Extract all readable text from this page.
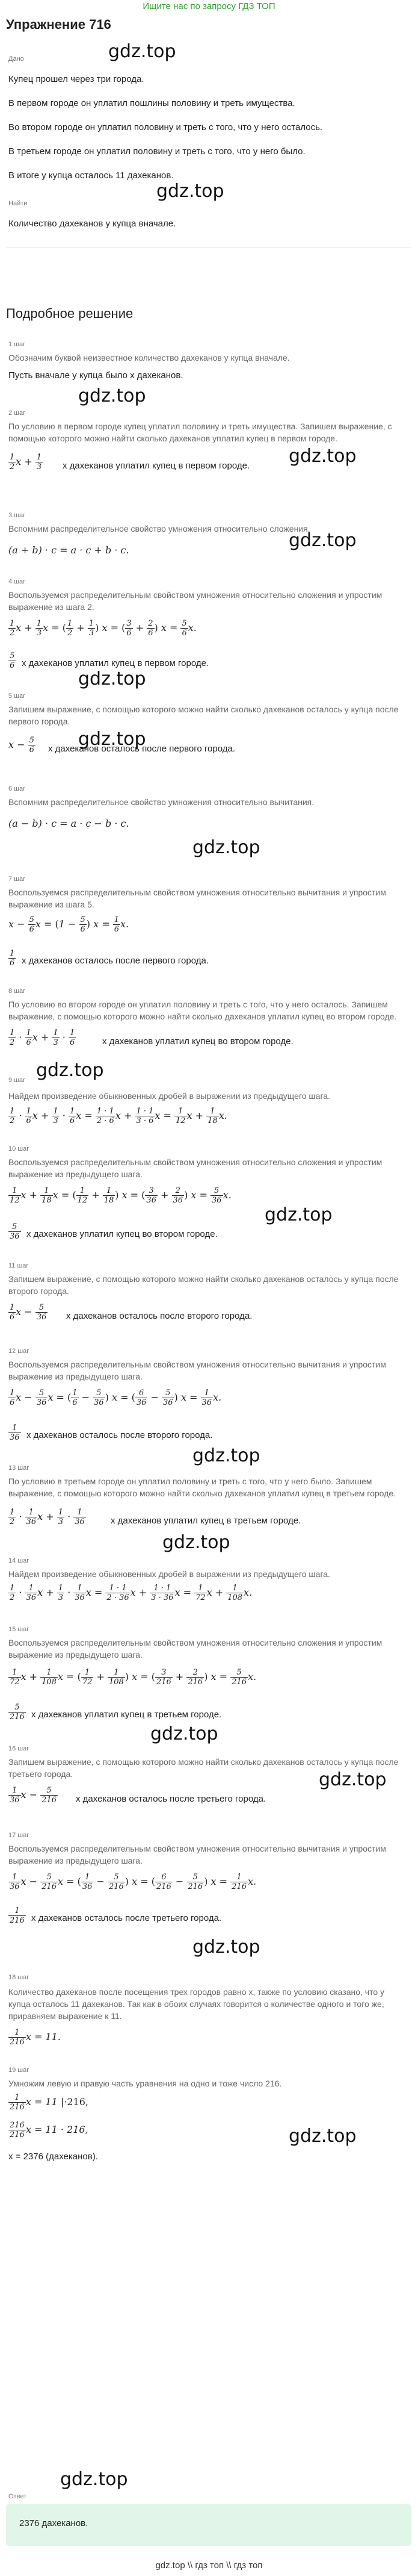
Ищите нас по запросу ГДЗ ТОП
Упражнение 716
Дано
Купец прошел через три города.
В первом городе он уплатил пошлины половину и треть имущества.
Во втором городе он уплатил половину и треть с того, что у него осталось.
В третьем городе он уплатил половину и треть с того, что у него было.
В итоге у купца осталось 11 дахеканов.
Найти
Количество дахеканов у купца вначале.
Подробное решение
1 шаг
Обозначим буквой неизвестное количество дахеканов у купца вначале.
Пусть вначале у купца было x дахеканов.
2 шаг
По условию в первом городе купец уплатил половину и треть имущества. Запишем выражение, с помощью которого можно найти сколько дахеканов уплатил купец в первом городе.
$\frac{1}{2}$ $x + \frac{1}{3}$ x дахеканов уплатил купец в первом городе.
3 шаг
Вспомним распределительное свойство умножения относительно сложения.
(a + b) · c = a · c + b · c.
4 шаг
Воспользуемся распределительным свойством умножения относительно сложения и упростим выражение из шага 2.
$\frac{1}{2}$ $x + \frac{1}{3}$ x = ( $\frac{1}{2} + \frac{1}{3}$ ) x = ( $\frac{3}{6} + \frac{2}{6}$ ) $x = \frac{5}{6} x$.
$\frac{5}{6}$ x дахеканов уплатил купец в первом городе.
5 шаг
Запишем выражение, с помощью которого можно найти сколько дахеканов осталось у купца после первого города.
$x - \frac{5}{6}$ x дахеканов осталось после первого города.
6 шаг
Вспомним распределительное свойство умножения относительно вычитания.
(a − b) · c = a · c − b · c.
7 шаг
Воспользуемся распределительным свойством умножения относительно вычитания и упростим выражение из шага 5.
$x - \frac{5}{6}$ $x = (1 - \frac{5}{6}$ ) $x = \frac{1}{6} x$.
$\frac{1}{6}$ x дахеканов осталось после первого города.
8 шаг
По условию во втором городе он уплатил половину и треть с того, что у него осталось. Запишем выражение, с помощью которого можно найти сколько дахеканов уплатил купец во втором городе.
$\frac{1}{2} \cdot \frac{1}{6}$ $x + \frac{1}{3} \cdot \frac{1}{6}$	x дахеканов уплатил купец во втором городе.
9 шаг
Найдем произведение обыкновенных дробей в выражении из предыдущего шага.
$\frac{1}{2} \cdot \frac{1}{6}$ $x + \frac{1}{3} \cdot \frac{1}{6}$ $x = \frac{1 \cdot 1}{2 \cdot 6}$ $x + \frac{1 \cdot 1}{3 \cdot 6}$ $x = \frac{1}{12}$ $x + \frac{1}{18} x$.
10 шаг
Воспользуемся распределительным свойством умножения относительно сложения и упростим выражение из предыдущего шага.
$\frac{1}{12}$ $x + \frac{1}{18}$ x = ( $\frac{1}{12} + \frac{1}{18}$ ) x = ( $\frac{3}{36} + \frac{2}{36}$ ) $x = \frac{5}{36} x$.
$\frac{5}{36}$ x дахеканов уплатил купец во втором городе.
11 шаг
Запишем выражение, с помощью которого можно найти сколько дахеканов осталось у купца после второго города.
$\frac{1}{6}$ $x - \frac{5}{36}$ x дахеканов осталось после второго города.
12 шаг
Воспользуемся распределительным свойством умножения относительно вычитания и упростим выражение из предыдущего шага.
$\frac{1}{6}$ $x - \frac{5}{36}$ x = ( $\frac{1}{6} - \frac{5}{36}$ ) x = ( $\frac{6}{36} - \frac{5}{36}$ ) $x = \frac{1}{36} x$.
$\frac{1}{36}$ x дахеканов осталось после второго города.
13 шаг
По условию в третьем городе он уплатил половину и треть с того, что у него было. Запишем выражение, с помощью которого можно найти сколько дахеканов уплатил купец в третьем городе.
$\frac{1}{2} \cdot \frac{1}{36}$ $x + \frac{1}{3} \cdot \frac{1}{36}$	x дахеканов уплатил купец в третьем городе.
14 шаг
Найдем произведение обыкновенных дробей в выражении из предыдущего шага.
$\frac{1}{2} \cdot \frac{1}{36}$ $x + \frac{1}{3} \cdot \frac{1}{36}$ $x = \frac{1 \cdot 1}{2 \cdot 36}$ $x + \frac{1 \cdot 1}{3 \cdot 36}$ $x = \frac{1}{72}$ $x + \frac{1}{108} x$.
15 шаг
Воспользуемся распределительным свойством умножения относительно сложения и упростим выражение из предыдущего шага.
$\frac{1}{72}$ $x + \frac{1}{108}$ x = ( $\frac{1}{72} + \frac{1}{108}$ ) x = ( $\frac{3}{216} + \frac{2}{216}$ ) $x = \frac{5}{216} x$.
$\frac{5}{216}$ x дахеканов уплатил купец в третьем городе.
16 шаг
Запишем выражение, с помощью которого можно найти сколько дахеканов осталось у купца после третьего города.
$\frac{1}{36}$ $x - \frac{5}{216}$ x дахеканов осталось после третьего города.
17 шаг
Воспользуемся распределительным свойством умножения относительно вычитания и упростим выражение из предыдущего шага.
$\frac{1}{36}$ $x - \frac{5}{216}$ x = ( $\frac{1}{36} - \frac{5}{216}$ ) x = ( $\frac{6}{216} - \frac{5}{216}$ ) $x = \frac{1}{216} x$.
$\frac{1}{216}$ x дахеканов осталось после третьего города.
18 шаг
Количество дахеканов после посещения трех городов равно x, также по условию сказано, что у купца осталось 11 дахеканов. Так как в обоих случаях говорится о количестве одного и того же, приравняем выражение к 11.
$\frac{1}{216}$ x = 11.
19 шаг
Умножим левую и правую часть уравнения на одно и тоже число 216.
$\frac{1}{216}$ x = 11 |·216,
$\frac{216}{216}$ x = 11 · 216,
x = 2376 (дахеканов).
Ответ
2376 дахеканов.
gdz.top \\ гдз топ \\ гдз топ
gdz.top
gdz.top
gdz.top
gdz.top
gdz.top
gdz.top
gdz.top
gdz.top
gdz.top
gdz.top
gdz.top
gdz.top
gdz.top
gdz.top
gdz.top
gdz.top
gdz.top
